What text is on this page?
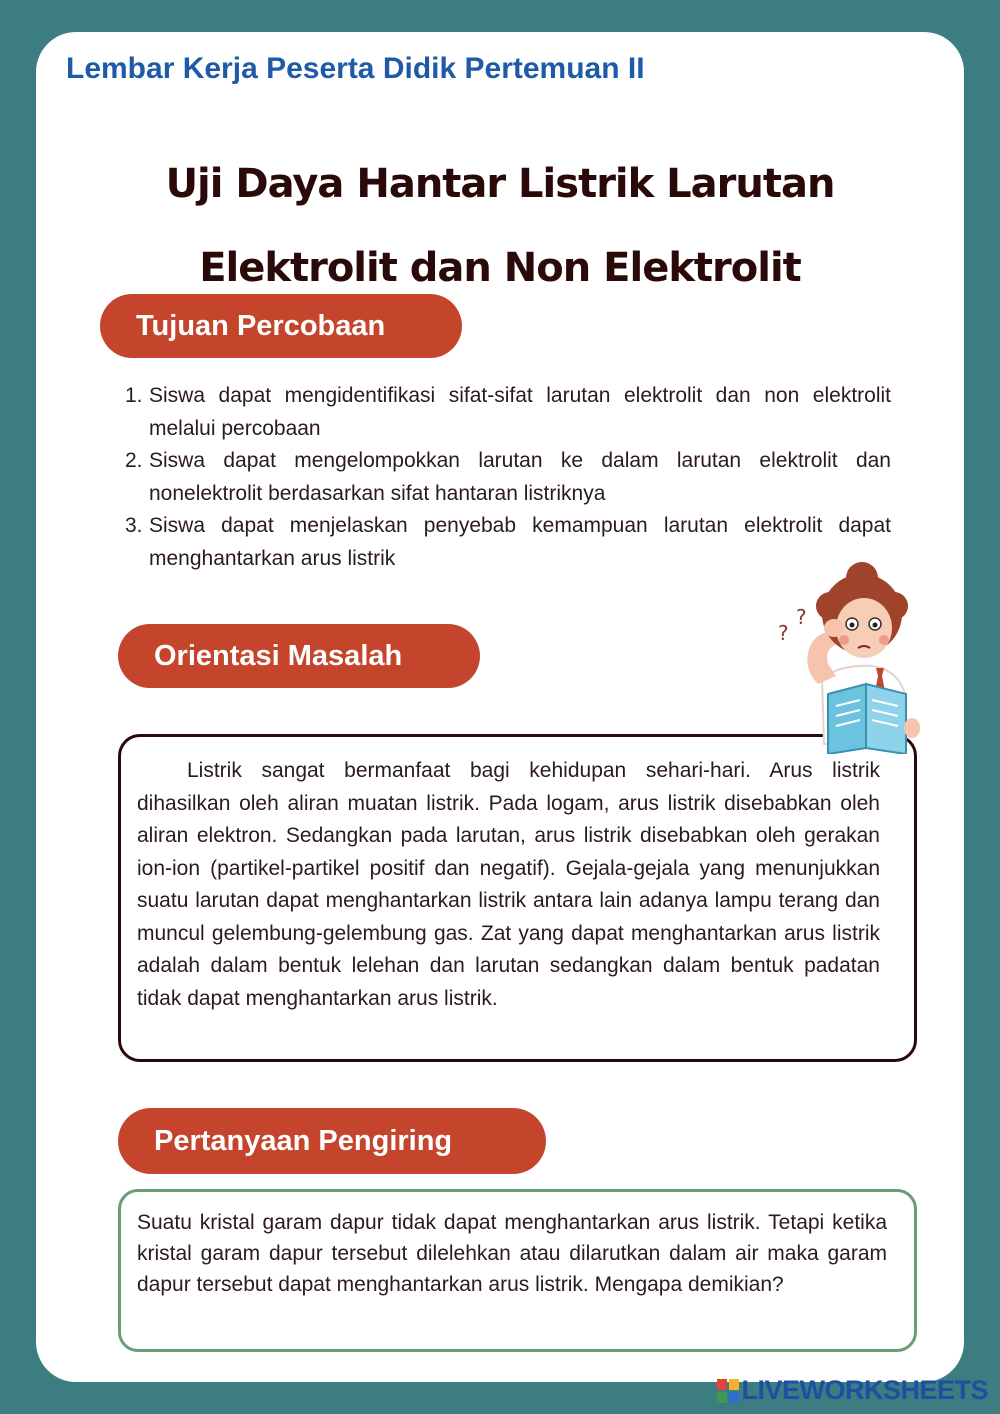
Lembar Kerja Peserta Didik Pertemuan II
Uji Daya Hantar Listrik Larutan
Elektrolit dan Non Elektrolit
Tujuan Percobaan
1. Siswa dapat mengidentifikasi sifat-sifat larutan elektrolit dan non elektrolit melalui percobaan
2. Siswa dapat mengelompokkan larutan ke dalam larutan elektrolit dan nonelektrolit berdasarkan sifat hantaran listriknya
3. Siswa dapat menjelaskan penyebab kemampuan larutan elektrolit dapat menghantarkan arus listrik
Orientasi Masalah

Listrik sangat bermanfaat bagi kehidupan sehari-hari. Arus listrik dihasilkan oleh aliran muatan listrik. Pada logam, arus listrik disebabkan oleh aliran elektron. Sedangkan pada larutan, arus listrik disebabkan oleh gerakan ion-ion (partikel-partikel positif dan negatif). Gejala-gejala yang menunjukkan suatu larutan dapat menghantarkan listrik antara lain adanya lampu terang dan muncul gelembung-gelembung gas. Zat yang dapat menghantarkan arus listrik adalah dalam bentuk lelehan dan larutan sedangkan dalam bentuk padatan tidak dapat menghantarkan arus listrik.

?
?
Pertanyaan Pengiring

Suatu kristal garam dapur tidak dapat menghantarkan arus listrik. Tetapi ketika kristal garam dapur tersebut dilelehkan atau dilarutkan dalam air maka garam dapur tersebut dapat menghantarkan arus listrik. Mengapa demikian?

LIVEWORKSHEETS
